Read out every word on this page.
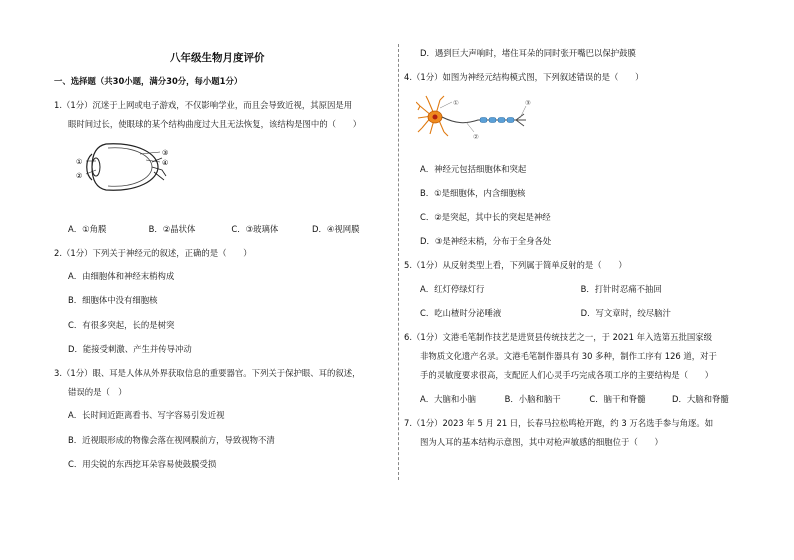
八年级生物月度评价
一、选择题（共30小题，满分30分，每小题1分）
1.（1分）沉迷于上网或电子游戏，不仅影响学业，而且会导致近视，其原因是用
眼时间过长，使眼球的某个结构曲度过大且无法恢复，该结构是图中的（　　）
①
②
③
④
A．①角膜	B．②晶状体	C．③玻璃体	D．④视网膜
2.（1分）下列关于神经元的叙述，正确的是（　　）
A．由细胞体和神经末梢构成
B．细胞体中没有细胞核
C．有很多突起，长的是树突
D．能接受刺激、产生并传导冲动
3.（1分）眼、耳是人体从外界获取信息的重要器官。下列关于保护眼、耳的叙述，
错误的是（　）
A．长时间近距离看书、写字容易引发近视
B．近视眼形成的物像会落在视网膜前方，导致视物不清
C．用尖锐的东西挖耳朵容易使鼓膜受损
D．遇到巨大声响时，堵住耳朵的同时张开嘴巴以保护鼓膜
4.（1分）如图为神经元结构模式图，下列叙述错误的是（　　）
①
②
③
A．神经元包括细胞体和突起
B．①是细胞体，内含细胞核
C．②是突起，其中长的突起是神经
D．③是神经末梢，分布于全身各处
5.（1分）从反射类型上看，下列属于简单反射的是（　　）
A．红灯停绿灯行	B．打针时忍痛不抽回
C．吃山楂时分泌唾液	D．写文章时，绞尽脑汁
6.（1分）文港毛笔制作技艺是进贤县传统技艺之一，于 2021 年入选第五批国家级
非物质文化遗产名录。文港毛笔制作器具有 30 多种，制作工序有 126 道，对于
手的灵敏度要求很高，支配匠人们心灵手巧完成各项工序的主要结构是（　　）
A．大脑和小脑	B．小脑和脑干	C．脑干和脊髓	D．大脑和脊髓
7.（1分）2023 年 5 月 21 日，长春马拉松鸣枪开跑，约 3 万名选手参与角逐。如
图为人耳的基本结构示意图，其中对枪声敏感的细胞位于（　　）
